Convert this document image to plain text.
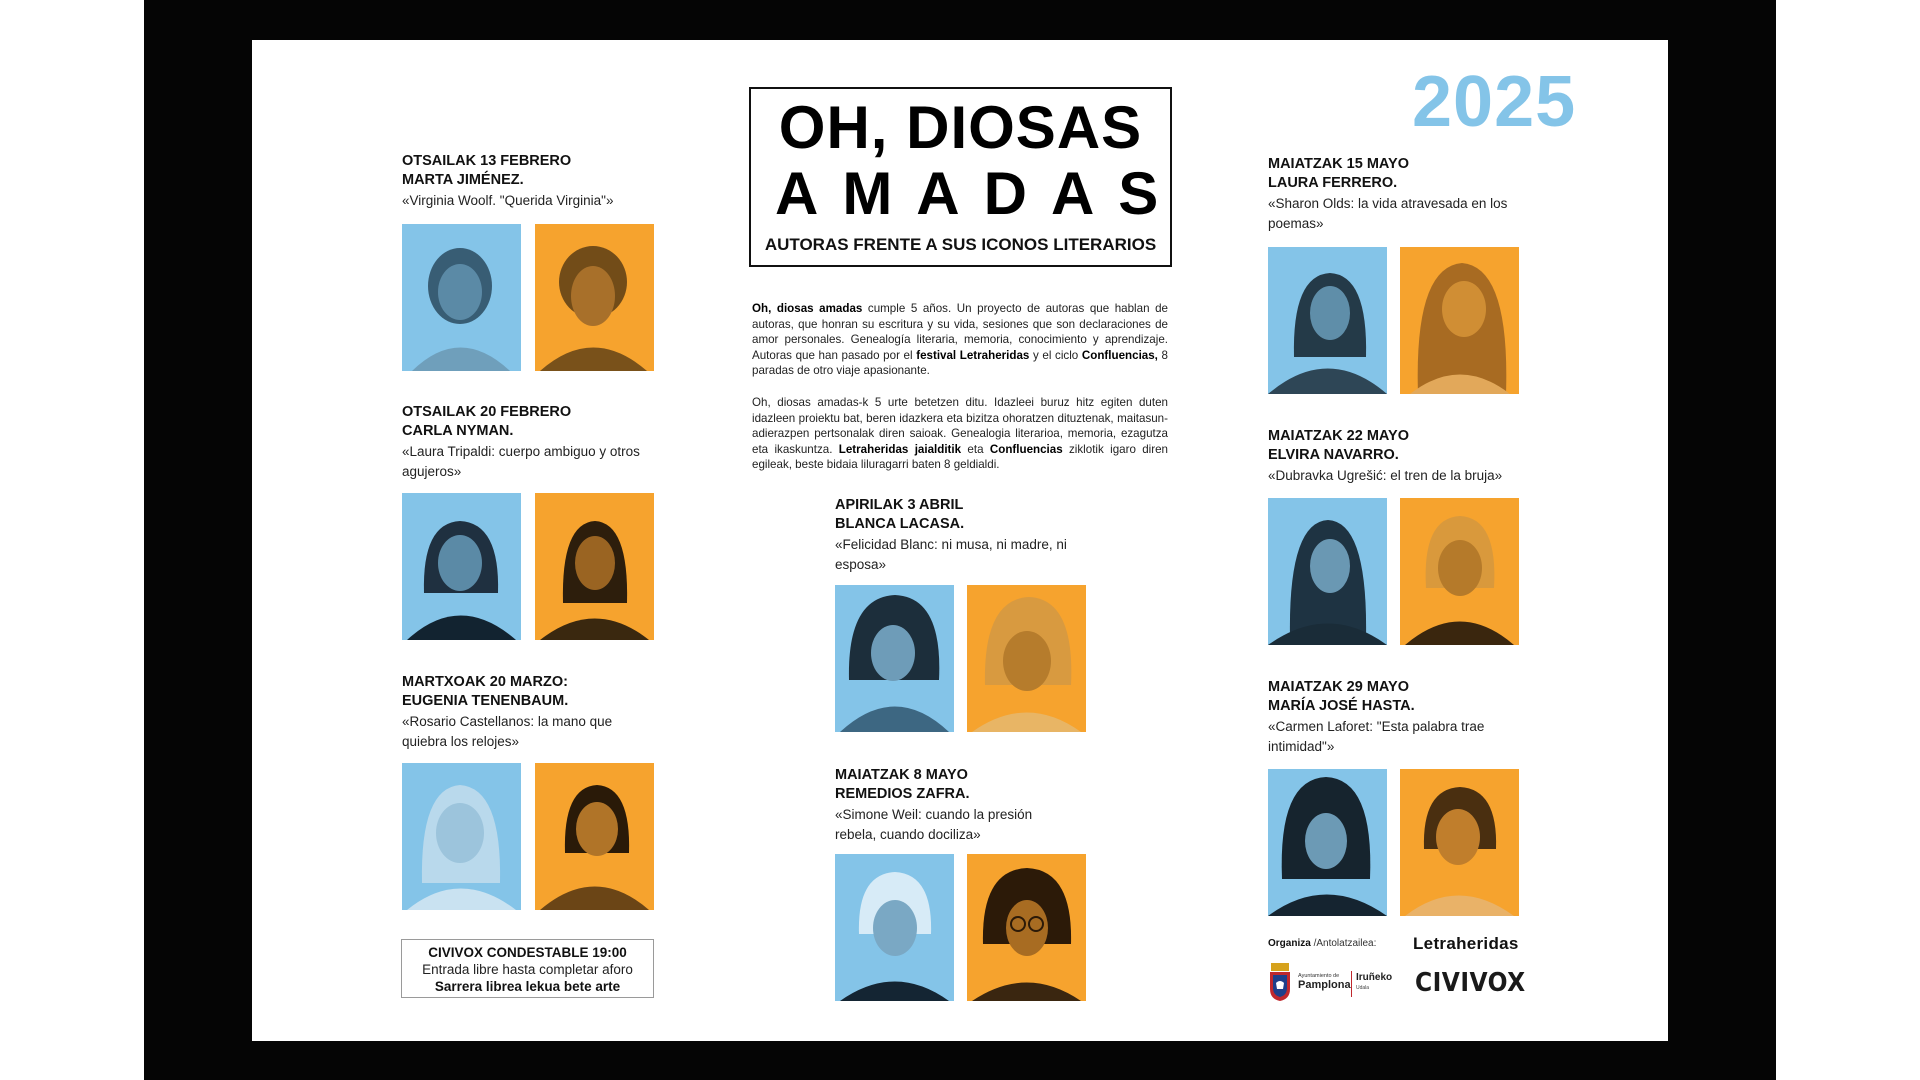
OH, DIOSAS
AMADAS
AUTORAS FRENTE A SUS ICONOS LITERARIOS
2025
Oh, diosas amadas cumple 5 años. Un proyecto de autoras que hablan de autoras, que honran su escritura y su vida, sesiones que son declaraciones de amor personales. Genealogía literaria, memoria, conocimiento y aprendizaje. Autoras que han pasado por el festival Letraheridas y el ciclo Confluencias, 8 paradas de otro viaje apasionante.
Oh, diosas amadas-k 5 urte betetzen ditu. Idazleei buruz hitz egiten duten idazleen proiektu bat, beren idazkera eta bizitza ohoratzen dituztenak, maitasun-adierazpen pertsonalak diren saioak. Genealogia literarioa, memoria, ezagutza eta ikaskuntza. Letraheridas jaialditik eta Confluencias ziklotik igaro diren egileak, beste bidaia liluragarri baten 8 geldialdi.
OTSAILAK 13 FEBRERO
MARTA JIMÉNEZ.
«Virginia Woolf. "Querida Virginia"»
OTSAILAK 20 FEBRERO
CARLA NYMAN.
«Laura Tripaldi: cuerpo ambiguo y otros agujeros»
MARTXOAK 20 MARZO:
EUGENIA TENENBAUM.
«Rosario Castellanos: la mano que quiebra los relojes»
CIVIVOX CONDESTABLE 19:00
Entrada libre hasta completar aforo
Sarrera librea lekua bete arte
APIRILAK 3 ABRIL
BLANCA LACASA.
«Felicidad Blanc: ni musa, ni madre, ni esposa»
MAIATZAK 8 MAYO
REMEDIOS ZAFRA.
«Simone Weil: cuando la presión rebela, cuando dociliza»
MAIATZAK 15 MAYO
LAURA FERRERO.
«Sharon Olds: la vida atravesada en los poemas»
MAIATZAK 22 MAYO
ELVIRA NAVARRO.
«Dubravka Ugrešić: el tren de la bruja»
MAIATZAK 29 MAYO
MARÍA JOSÉ HASTA.
«Carmen Laforet: "Esta palabra trae intimidad"»
Organiza /Antolatzailea: Letraheridas
CIVIVOX
Ayuntamiento de
Pamplona
Iruñeko
Udala
